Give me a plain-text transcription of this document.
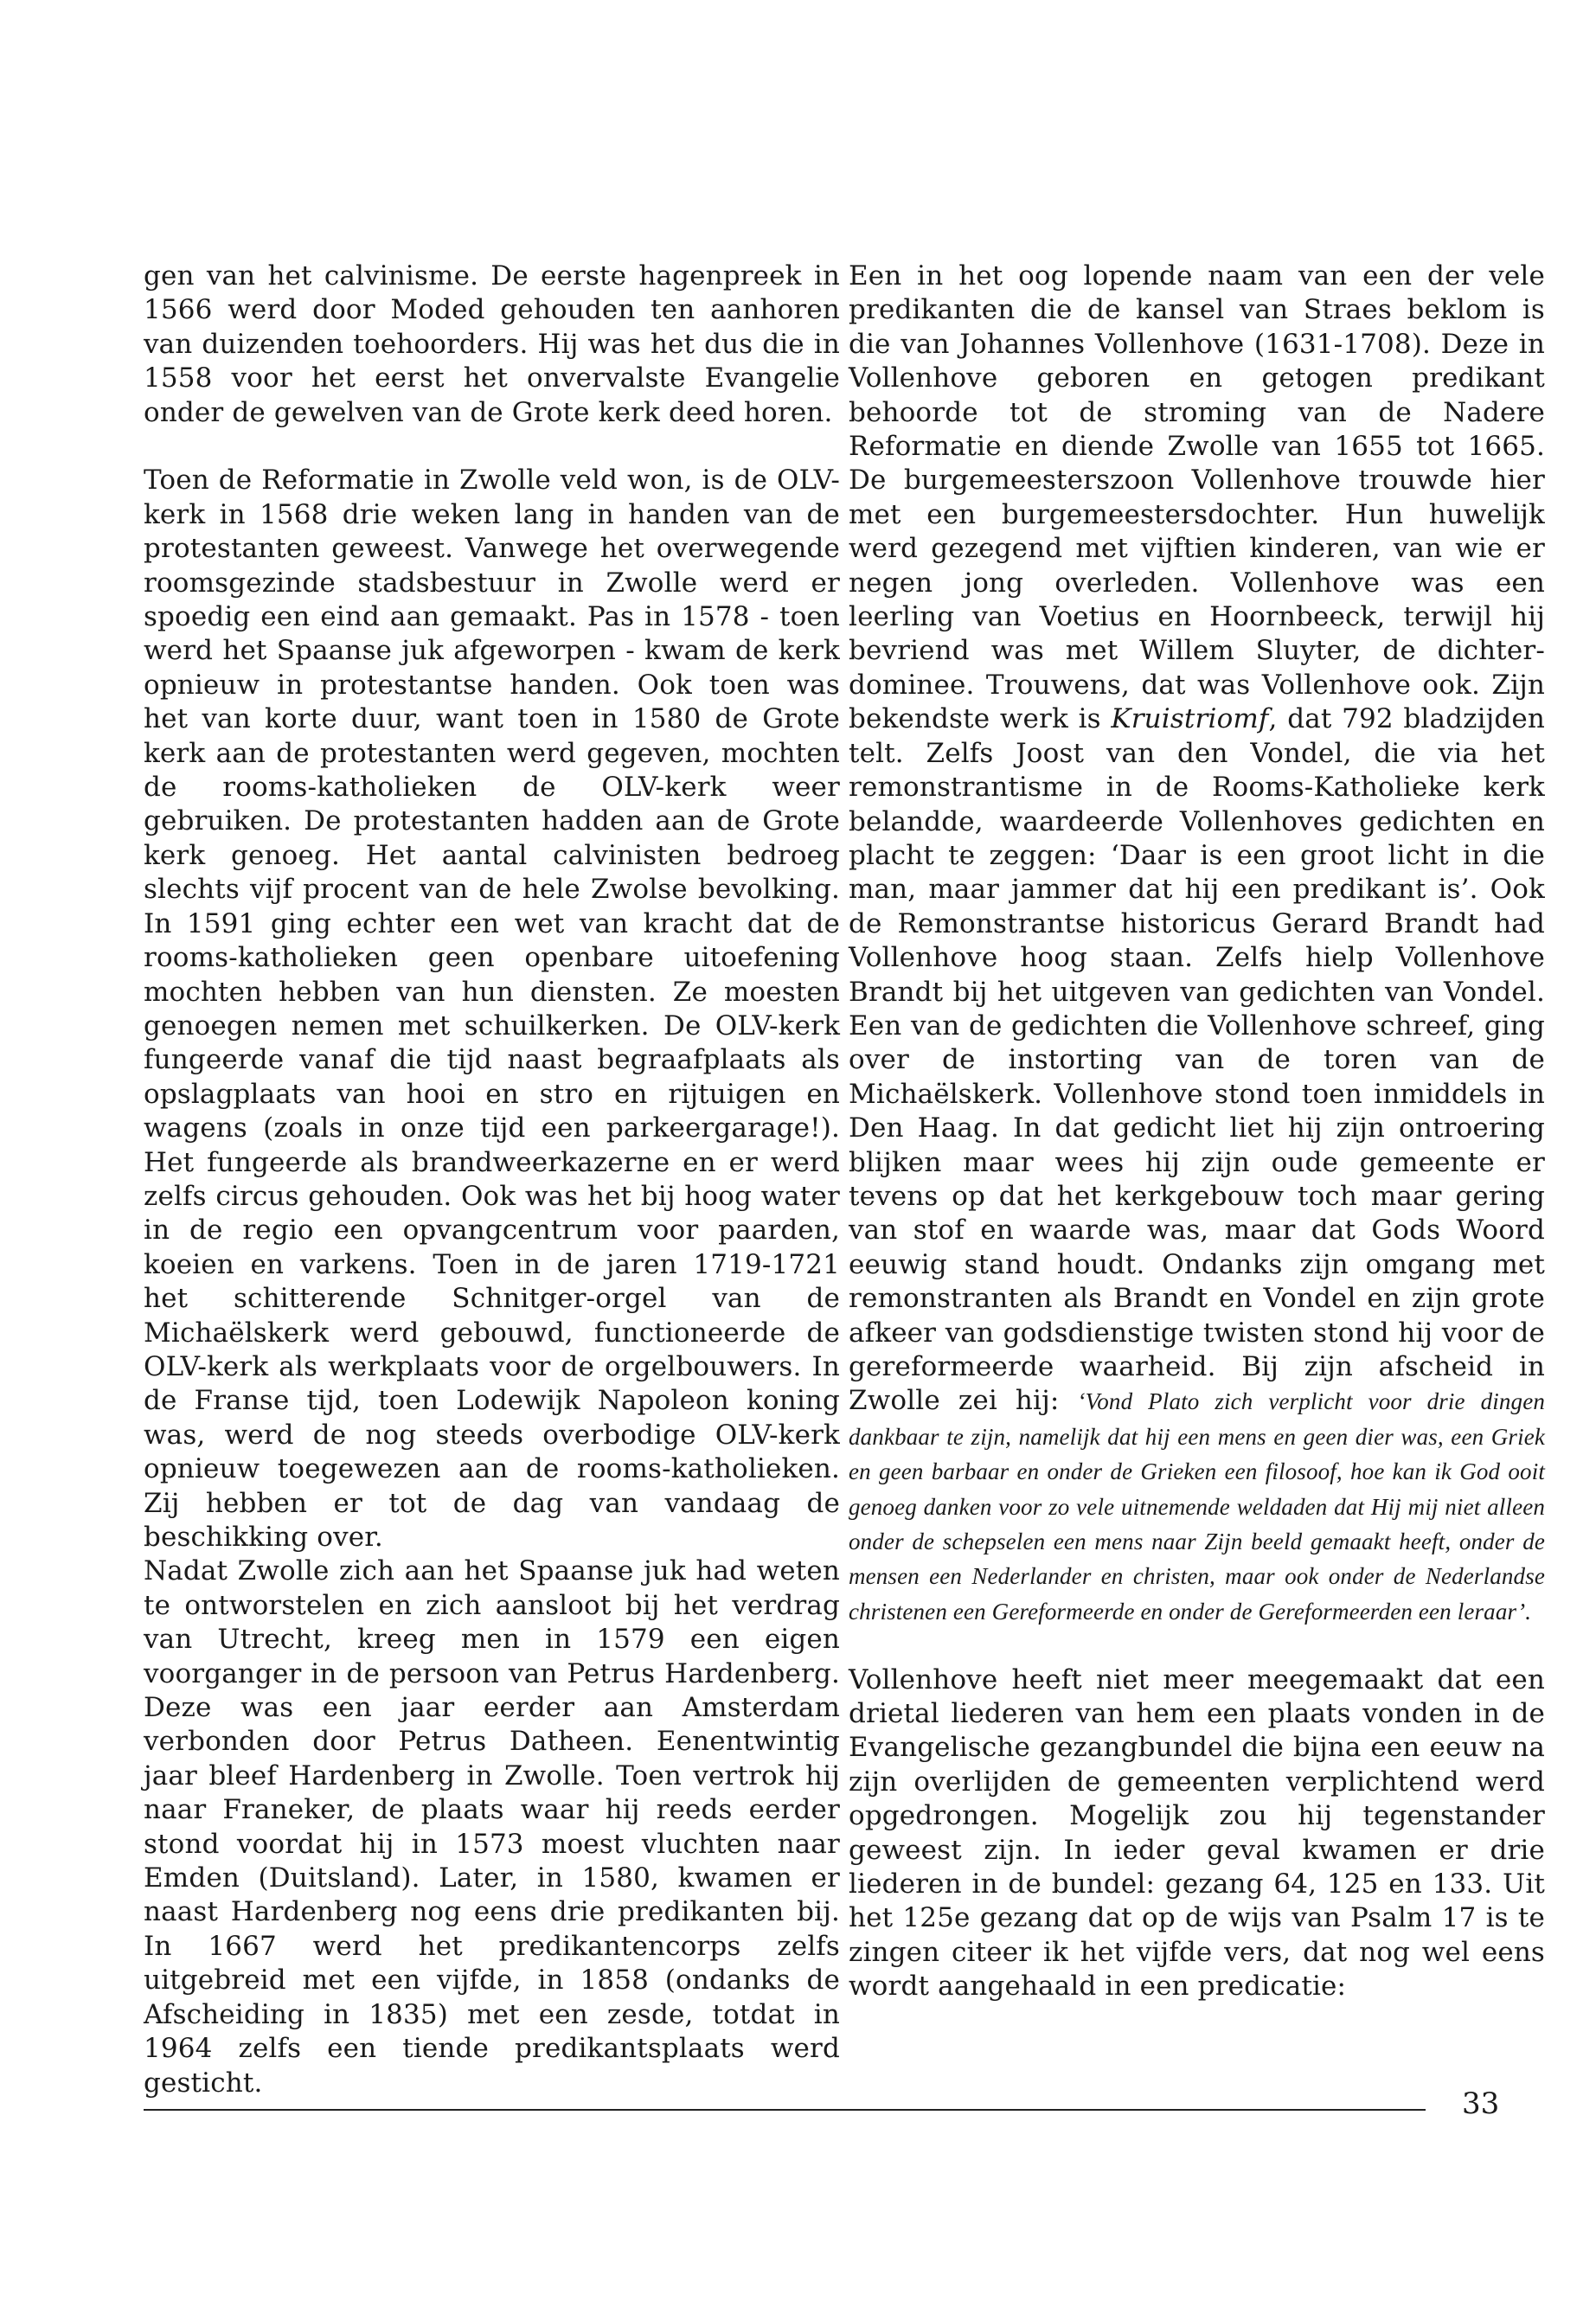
gen van het calvinisme. De eerste hagenpreek in 1566 werd door Moded gehouden ten aanhoren van duizenden toehoorders. Hij was het dus die in 1558 voor het eerst het onvervalste Evangelie onder de gewelven van de Grote kerk deed horen.

Toen de Reformatie in Zwolle veld won, is de OLV-kerk in 1568 drie weken lang in handen van de protestanten geweest. Vanwege het overwegende roomsgezinde stadsbestuur in Zwolle werd er spoedig een eind aan gemaakt. Pas in 1578 - toen werd het Spaanse juk afgeworpen - kwam de kerk opnieuw in protestantse handen. Ook toen was het van korte duur, want toen in 1580 de Grote kerk aan de protestanten werd gegeven, mochten de rooms-katholieken de OLV-kerk weer gebruiken. De protestanten hadden aan de Grote kerk genoeg. Het aantal calvinisten bedroeg slechts vijf procent van de hele Zwolse bevolking. In 1591 ging echter een wet van kracht dat de rooms-katholieken geen openbare uitoefening mochten hebben van hun diensten. Ze moesten genoegen nemen met schuilkerken. De OLV-kerk fungeerde vanaf die tijd naast begraafplaats als opslagplaats van hooi en stro en rijtuigen en wagens (zoals in onze tijd een parkeergarage!). Het fungeerde als brandweerkazerne en er werd zelfs circus gehouden. Ook was het bij hoog water in de regio een opvangcentrum voor paarden, koeien en varkens. Toen in de jaren 1719-1721 het schitterende Schnitger-orgel van de Michaëlskerk werd gebouwd, functioneerde de OLV-kerk als werkplaats voor de orgelbouwers. In de Franse tijd, toen Lodewijk Napoleon koning was, werd de nog steeds overbodige OLV-kerk opnieuw toegewezen aan de rooms-katholieken. Zij hebben er tot de dag van vandaag de beschikking over.

Nadat Zwolle zich aan het Spaanse juk had weten te ontworstelen en zich aansloot bij het verdrag van Utrecht, kreeg men in 1579 een eigen voorganger in de persoon van Petrus Hardenberg. Deze was een jaar eerder aan Amsterdam verbonden door Petrus Datheen. Eenentwintig jaar bleef Hardenberg in Zwolle. Toen vertrok hij naar Franeker, de plaats waar hij reeds eerder stond voordat hij in 1573 moest vluchten naar Emden (Duitsland). Later, in 1580, kwamen er naast Hardenberg nog eens drie predikanten bij. In 1667 werd het predikantencorps zelfs uitgebreid met een vijfde, in 1858 (ondanks de Afscheiding in 1835) met een zesde, totdat in 1964 zelfs een tiende predikantsplaats werd gesticht.

Een in het oog lopende naam van een der vele predikanten die de kansel van Straes beklom is die van Johannes Vollenhove (1631-1708). Deze in Vollenhove geboren en getogen predikant behoorde tot de stroming van de Nadere Reformatie en diende Zwolle van 1655 tot 1665. De burgemeesterszoon Vollenhove trouwde hier met een burgemeestersdochter. Hun huwelijk werd gezegend met vijftien kinderen, van wie er negen jong overleden. Vollenhove was een leerling van Voetius en Hoornbeeck, terwijl hij bevriend was met Willem Sluyter, de dichter-dominee. Trouwens, dat was Vollenhove ook. Zijn bekendste werk is Kruistriomf, dat 792 bladzijden telt. Zelfs Joost van den Vondel, die via het remonstrantisme in de Rooms-Katholieke kerk belandde, waardeerde Vollenhoves gedichten en placht te zeggen: ‘Daar is een groot licht in die man, maar jammer dat hij een predikant is’. Ook de Remonstrantse historicus Gerard Brandt had Vollenhove hoog staan. Zelfs hielp Vollenhove Brandt bij het uitgeven van gedichten van Vondel. Een van de gedichten die Vollenhove schreef, ging over de instorting van de toren van de Michaëlskerk. Vollenhove stond toen inmiddels in Den Haag. In dat gedicht liet hij zijn ontroering blijken maar wees hij zijn oude gemeente er tevens op dat het kerkgebouw toch maar gering van stof en waarde was, maar dat Gods Woord eeuwig stand houdt. Ondanks zijn omgang met remonstranten als Brandt en Vondel en zijn grote afkeer van godsdienstige twisten stond hij voor de gereformeerde waarheid. Bij zijn afscheid in Zwolle zei hij: ‘Vond Plato zich verplicht voor drie dingen dankbaar te zijn, namelijk dat hij een mens en geen dier was, een Griek en geen barbaar en onder de Grieken een filosoof, hoe kan ik God ooit genoeg danken voor zo vele uitnemende weldaden dat Hij mij niet alleen onder de schepselen een mens naar Zijn beeld gemaakt heeft, onder de mensen een Nederlander en christen, maar ook onder de Nederlandse christenen een Gereformeerde en onder de Gereformeerden een leraar’.

Vollenhove heeft niet meer meegemaakt dat een drietal liederen van hem een plaats vonden in de Evangelische gezangbundel die bijna een eeuw na zijn overlijden de gemeenten verplichtend werd opgedrongen. Mogelijk zou hij tegenstander geweest zijn. In ieder geval kwamen er drie liederen in de bundel: gezang 64, 125 en 133. Uit het 125e gezang dat op de wijs van Psalm 17 is te zingen citeer ik het vijfde vers, dat nog wel eens wordt aangehaald in een predicatie:

33
